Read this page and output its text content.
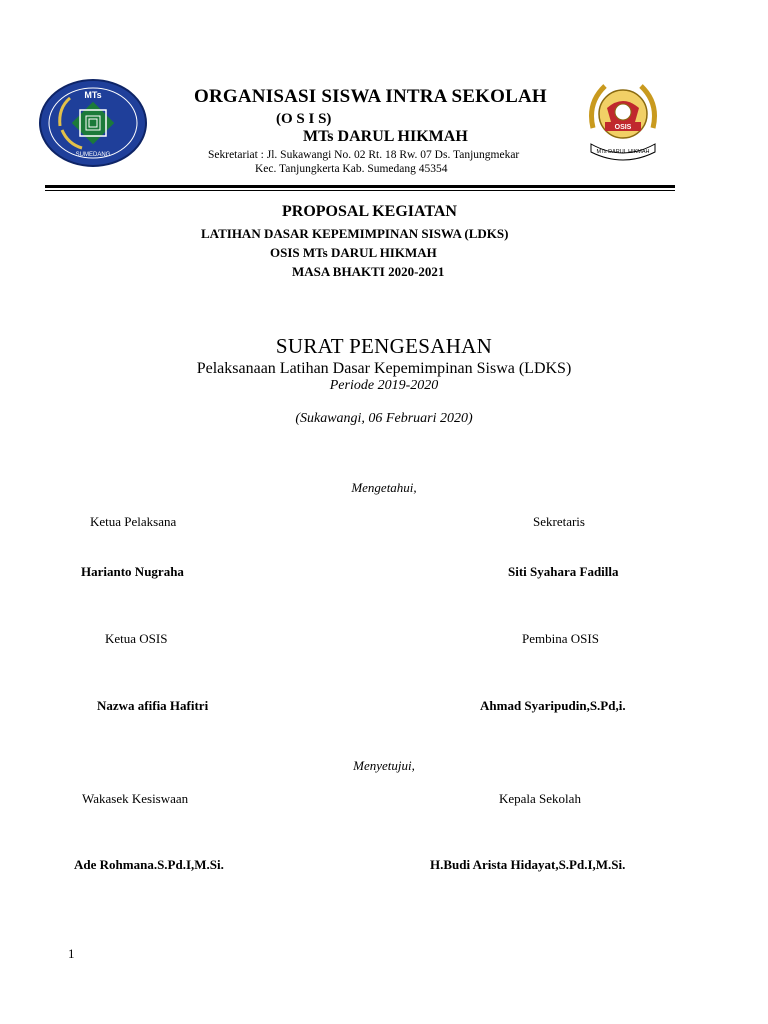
MTs
SUMEDANG
OSIS
MTs DARUL HIKMAH
ORGANISASI SISWA INTRA SEKOLAH
(O S I S)
MTs DARUL HIKMAH
Sekretariat : Jl. Sukawangi No. 02 Rt. 18 Rw. 07 Ds. Tanjungmekar
Kec. Tanjungkerta Kab. Sumedang 45354
PROPOSAL KEGIATAN
LATIHAN DASAR KEPEMIMPINAN SISWA (LDKS)
OSIS MTs DARUL HIKMAH
MASA BHAKTI 2020-2021
SURAT PENGESAHAN
Pelaksanaan Latihan Dasar Kepemimpinan Siswa (LDKS)
Periode 2019-2020
(Sukawangi, 06 Februari 2020)
Mengetahui,
Ketua Pelaksana	Sekretaris
Harianto Nugraha	Siti Syahara Fadilla
Ketua OSIS	Pembina OSIS
Nazwa afifia Hafitri	Ahmad Syaripudin,S.Pd,i.
Menyetujui,
Wakasek Kesiswaan	Kepala Sekolah
Ade Rohmana.S.Pd.I,M.Si.	H.Budi Arista Hidayat,S.Pd.I,M.Si.
1
